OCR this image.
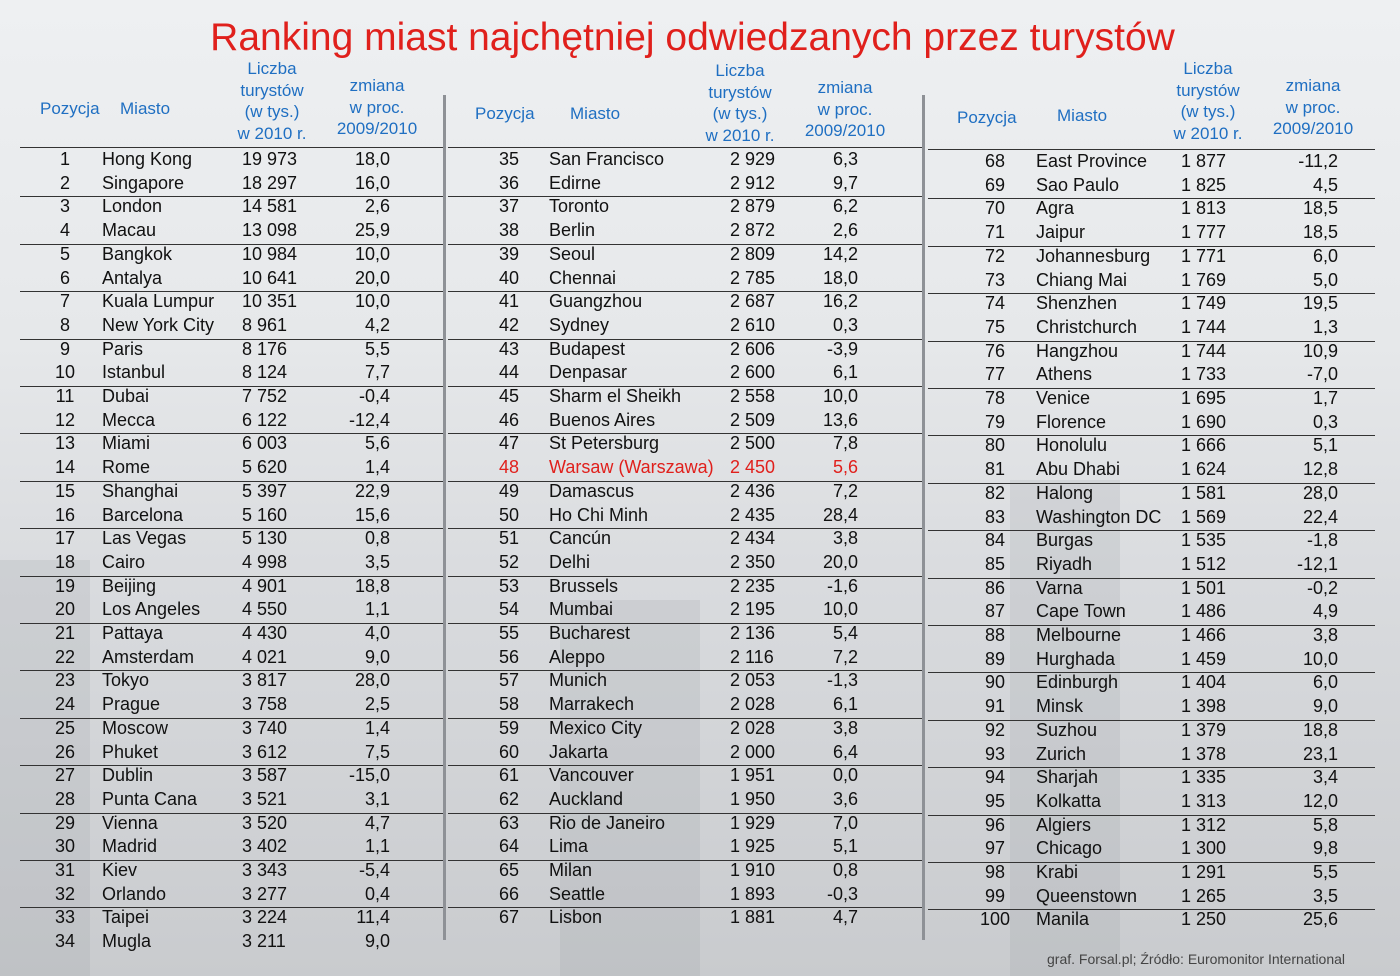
Ranking miast najchętniej odwiedzanych przez turystów
Pozycja Miasto
Liczba
turystów
(w tys.)
w 2010 r.
zmiana
w proc.
2009/2010
1	Hong Kong	19 973	18,0
2	Singapore	18 297	16,0
3	London	14 581	2,6
4	Macau	13 098	25,9
5	Bangkok	10 984	10,0
6	Antalya	10 641	20,0
7	Kuala Lumpur 10 351	10,0
8	New York City 8 961	4,2
9	Paris	8 176	5,5
10	Istanbul	8 124	7,7
11	Dubai	7 752	-0,4
12	Mecca	6 122	-12,4
13	Miami	6 003	5,6
14	Rome	5 620	1,4
15	Shanghai	5 397	22,9
16	Barcelona	5 160	15,6
17	Las Vegas	5 130	0,8
18	Cairo	4 998	3,5
19	Beijing	4 901	18,8
20	Los Angeles 4 550	1,1
21	Pattaya	4 430	4,0
22	Amsterdam	4 021	9,0
23	Tokyo	3 817	28,0
24	Prague	3 758	2,5
25	Moscow	3 740	1,4
26	Phuket	3 612	7,5
27	Dublin	3 587	-15,0
28	Punta Cana 3 521	3,1
29	Vienna	3 520	4,7
30	Madrid	3 402	1,1
31	Kiev	3 343	-5,4
32	Orlando	3 277	0,4
33	Taipei	3 224	11,4
34	Mugla	3 211	9,0
Pozycja Miasto
Liczba
turystów
(w tys.)
w 2010 r.
zmiana
w proc.
2009/2010
35	San Francisco	2 929	6,3
36	Edirne	2 912	9,7
37	Toronto	2 879	6,2
38	Berlin	2 872	2,6
39	Seoul	2 809	14,2
40	Chennai	2 785	18,0
41	Guangzhou	2 687	16,2
42	Sydney	2 610	0,3
43	Budapest	2 606	-3,9
44	Denpasar	2 600	6,1
45	Sharm el Sheikh	2 558	10,0
46	Buenos Aires	2 509	13,6
47	St Petersburg	2 500	7,8
48	Warsaw (Warszawa) 2 450	5,6
49	Damascus	2 436	7,2
50	Ho Chi Minh	2 435	28,4
51	Cancún	2 434	3,8
52	Delhi	2 350	20,0
53	Brussels	2 235	-1,6
54	Mumbai	2 195	10,0
55	Bucharest	2 136	5,4
56	Aleppo	2 116	7,2
57	Munich	2 053	-1,3
58	Marrakech	2 028	6,1
59	Mexico City	2 028	3,8
60	Jakarta	2 000	6,4
61	Vancouver	1 951	0,0
62	Auckland	1 950	3,6
63	Rio de Janeiro	1 929	7,0
64	Lima	1 925	5,1
65	Milan	1 910	0,8
66	Seattle	1 893	-0,3
67	Lisbon	1 881	4,7
Pozycja Miasto
Liczba
turystów
(w tys.)
w 2010 r.
zmiana
w proc.
2009/2010
68	East Province 1 877	-11,2
69	Sao Paulo	1 825	4,5
70	Agra	1 813	18,5
71	Jaipur	1 777	18,5
72	Johannesburg 1 771	6,0
73	Chiang Mai	1 769	5,0
74	Shenzhen	1 749	19,5
75	Christchurch 1 744	1,3
76	Hangzhou	1 744	10,9
77	Athens	1 733	-7,0
78	Venice	1 695	1,7
79	Florence	1 690	0,3
80	Honolulu	1 666	5,1
81	Abu Dhabi	1 624	12,8
82	Halong	1 581	28,0
83	Washington DC 1 569	22,4
84	Burgas	1 535	-1,8
85	Riyadh	1 512	-12,1
86	Varna	1 501	-0,2
87	Cape Town	1 486	4,9
88	Melbourne	1 466	3,8
89	Hurghada	1 459	10,0
90	Edinburgh	1 404	6,0
91	Minsk	1 398	9,0
92	Suzhou	1 379	18,8
93	Zurich	1 378	23,1
94	Sharjah	1 335	3,4
95	Kolkatta	1 313	12,0
96	Algiers	1 312	5,8
97	Chicago	1 300	9,8
98	Krabi	1 291	5,5
99	Queenstown 1 265	3,5
100 Manila	1 250	25,6
graf. Forsal.pl; Źródło: Euromonitor International
